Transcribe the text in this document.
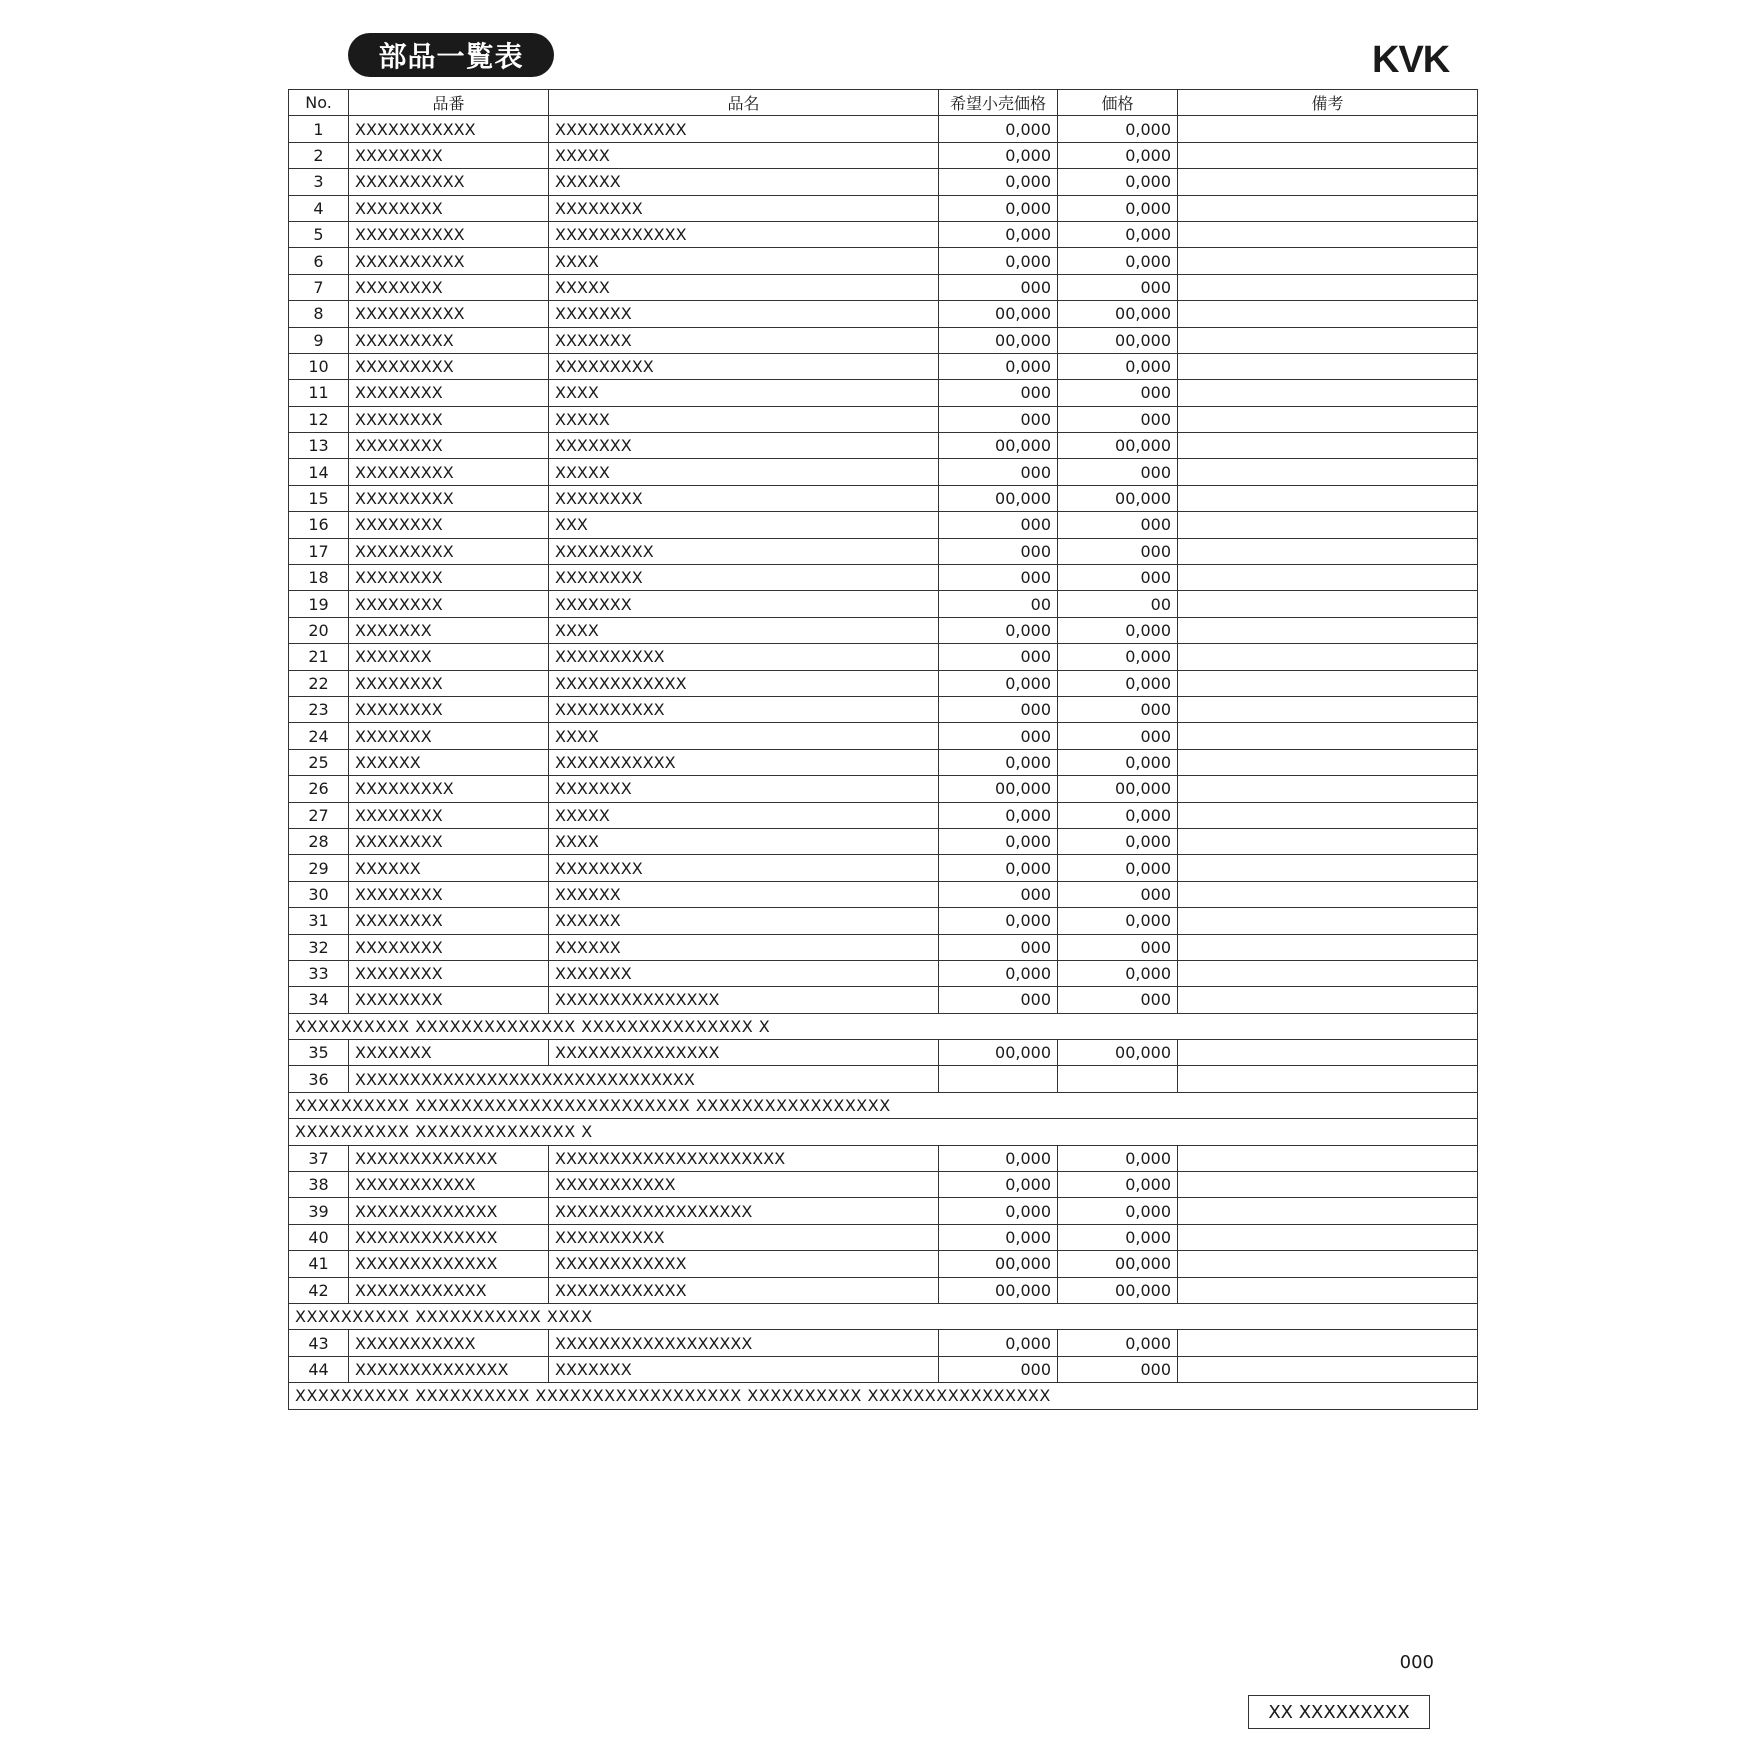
部品一覧表	KVK
No.	品番	品名	希望小売価格	価格	備考
1	XXXXXXXXXXX	XXXXXXXXXXXX	0,000	0,000	
2	XXXXXXXX	XXXXX	0,000	0,000	
3	XXXXXXXXXX	XXXXXX	0,000	0,000	
4	XXXXXXXX	XXXXXXXX	0,000	0,000	
5	XXXXXXXXXX	XXXXXXXXXXXX	0,000	0,000	
6	XXXXXXXXXX	XXXX	0,000	0,000	
7	XXXXXXXX	XXXXX	000	000	
8	XXXXXXXXXX	XXXXXXX	00,000	00,000	
9	XXXXXXXXX	XXXXXXX	00,000	00,000	
10	XXXXXXXXX	XXXXXXXXX	0,000	0,000	
11	XXXXXXXX	XXXX	000	000	
12	XXXXXXXX	XXXXX	000	000	
13	XXXXXXXX	XXXXXXX	00,000	00,000	
14	XXXXXXXXX	XXXXX	000	000	
15	XXXXXXXXX	XXXXXXXX	00,000	00,000	
16	XXXXXXXX	XXX	000	000	
17	XXXXXXXXX	XXXXXXXXX	000	000	
18	XXXXXXXX	XXXXXXXX	000	000	
19	XXXXXXXX	XXXXXXX	00	00	
20	XXXXXXX	XXXX	0,000	0,000	
21	XXXXXXX	XXXXXXXXXX	000	0,000	
22	XXXXXXXX	XXXXXXXXXXXX	0,000	0,000	
23	XXXXXXXX	XXXXXXXXXX	000	000	
24	XXXXXXX	XXXX	000	000	
25	XXXXXX	XXXXXXXXXXX	0,000	0,000	
26	XXXXXXXXX	XXXXXXX	00,000	00,000	
27	XXXXXXXX	XXXXX	0,000	0,000	
28	XXXXXXXX	XXXX	0,000	0,000	
29	XXXXXX	XXXXXXXX	0,000	0,000	
30	XXXXXXXX	XXXXXX	000	000	
31	XXXXXXXX	XXXXXX	0,000	0,000	
32	XXXXXXXX	XXXXXX	000	000	
33	XXXXXXXX	XXXXXXX	0,000	0,000	
34	XXXXXXXX	XXXXXXXXXXXXXXX	000	000	
XXXXXXXXXX XXXXXXXXXXXXXX XXXXXXXXXXXXXXX X					
35	XXXXXXX	XXXXXXXXXXXXXXX	00,000	00,000	
36	XXXXXXXXXXXXXXXXXXXXXXXXXXXXXXX				
XXXXXXXXXX XXXXXXXXXXXXXXXXXXXXXXXX XXXXXXXXXXXXXXXXX					
XXXXXXXXXX XXXXXXXXXXXXXX X					
37	XXXXXXXXXXXXX	XXXXXXXXXXXXXXXXXXXXX	0,000	0,000	
38	XXXXXXXXXXX	XXXXXXXXXXX	0,000	0,000	
39	XXXXXXXXXXXXX	XXXXXXXXXXXXXXXXXX	0,000	0,000	
40	XXXXXXXXXXXXX	XXXXXXXXXX	0,000	0,000	
41	XXXXXXXXXXXXX	XXXXXXXXXXXX	00,000	00,000	
42	XXXXXXXXXXXX	XXXXXXXXXXXX	00,000	00,000	
XXXXXXXXXX XXXXXXXXXXX XXXX					
43	XXXXXXXXXXX	XXXXXXXXXXXXXXXXXX	0,000	0,000	
44	XXXXXXXXXXXXXX	XXXXXXX	000	000	
XXXXXXXXXX XXXXXXXXXX XXXXXXXXXXXXXXXXXX XXXXXXXXXX XXXXXXXXXXXXXXXX					
000
XX XXXXXXXXX
